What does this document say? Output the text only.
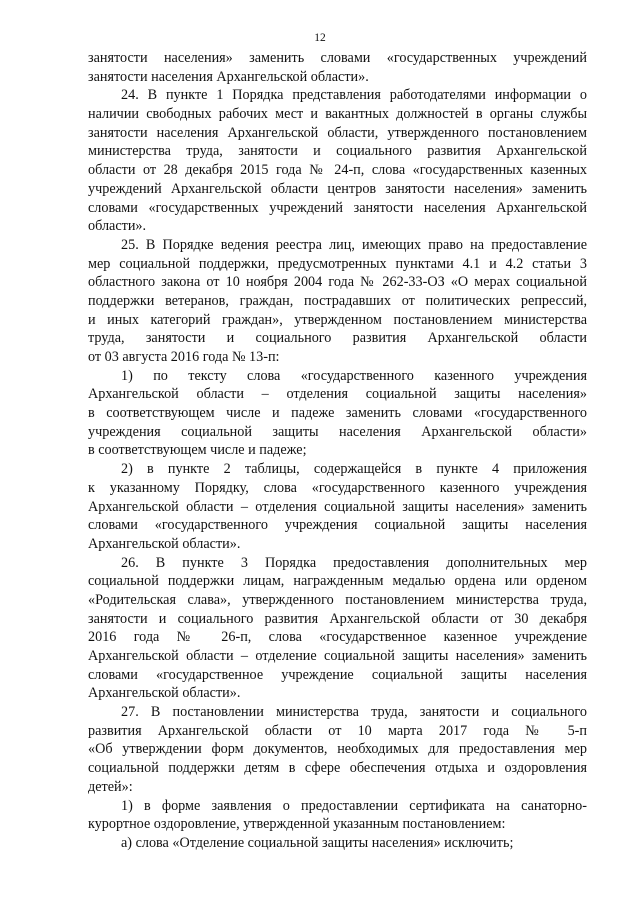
12
занятости населения» заменить словами «государственных учреждений
занятости населения Архангельской области».
24. В пункте 1 Порядка представления работодателями информации о
наличии свободных рабочих мест и вакантных должностей в органы службы
занятости населения Архангельской области, утвержденного постановлением
министерства труда, занятости и социального развития Архангельской
области от 28 декабря 2015 года № 24-п, слова «государственных казенных
учреждений Архангельской области центров занятости населения» заменить
словами «государственных учреждений занятости населения Архангельской
области».
25. В Порядке ведения реестра лиц, имеющих право на предоставление
мер социальной поддержки, предусмотренных пунктами 4.1 и 4.2 статьи 3
областного закона от 10 ноября 2004 года № 262-33-ОЗ «О мерах социальной
поддержки ветеранов, граждан, пострадавших от политических репрессий,
и иных категорий граждан», утвержденном постановлением министерства
труда, занятости и социального развития Архангельской области
от 03 августа 2016 года № 13-п:
1) по тексту слова «государственного казенного учреждения
Архангельской области – отделения социальной защиты населения»
в соответствующем числе и падеже заменить словами «государственного
учреждения социальной защиты населения Архангельской области»
в соответствующем числе и падеже;
2) в пункте 2 таблицы, содержащейся в пункте 4 приложения
к указанному Порядку, слова «государственного казенного учреждения
Архангельской области – отделения социальной защиты населения» заменить
словами «государственного учреждения социальной защиты населения
Архангельской области».
26. В пункте 3 Порядка предоставления дополнительных мер
социальной поддержки лицам, награжденным медалью ордена или орденом
«Родительская слава», утвержденного постановлением министерства труда,
занятости и социального развития Архангельской области от 30 декабря
2016 года № 26-п, слова «государственное казенное учреждение
Архангельской области – отделение социальной защиты населения» заменить
словами «государственное учреждение социальной защиты населения
Архангельской области».
27. В постановлении министерства труда, занятости и социального
развития Архангельской области от 10 марта 2017 года № 5-п
«Об утверждении форм документов, необходимых для предоставления мер
социальной поддержки детям в сфере обеспечения отдыха и оздоровления
детей»:
1) в форме заявления о предоставлении сертификата на санаторно-
курортное оздоровление, утвержденной указанным постановлением:
а) слова «Отделение социальной защиты населения» исключить;
